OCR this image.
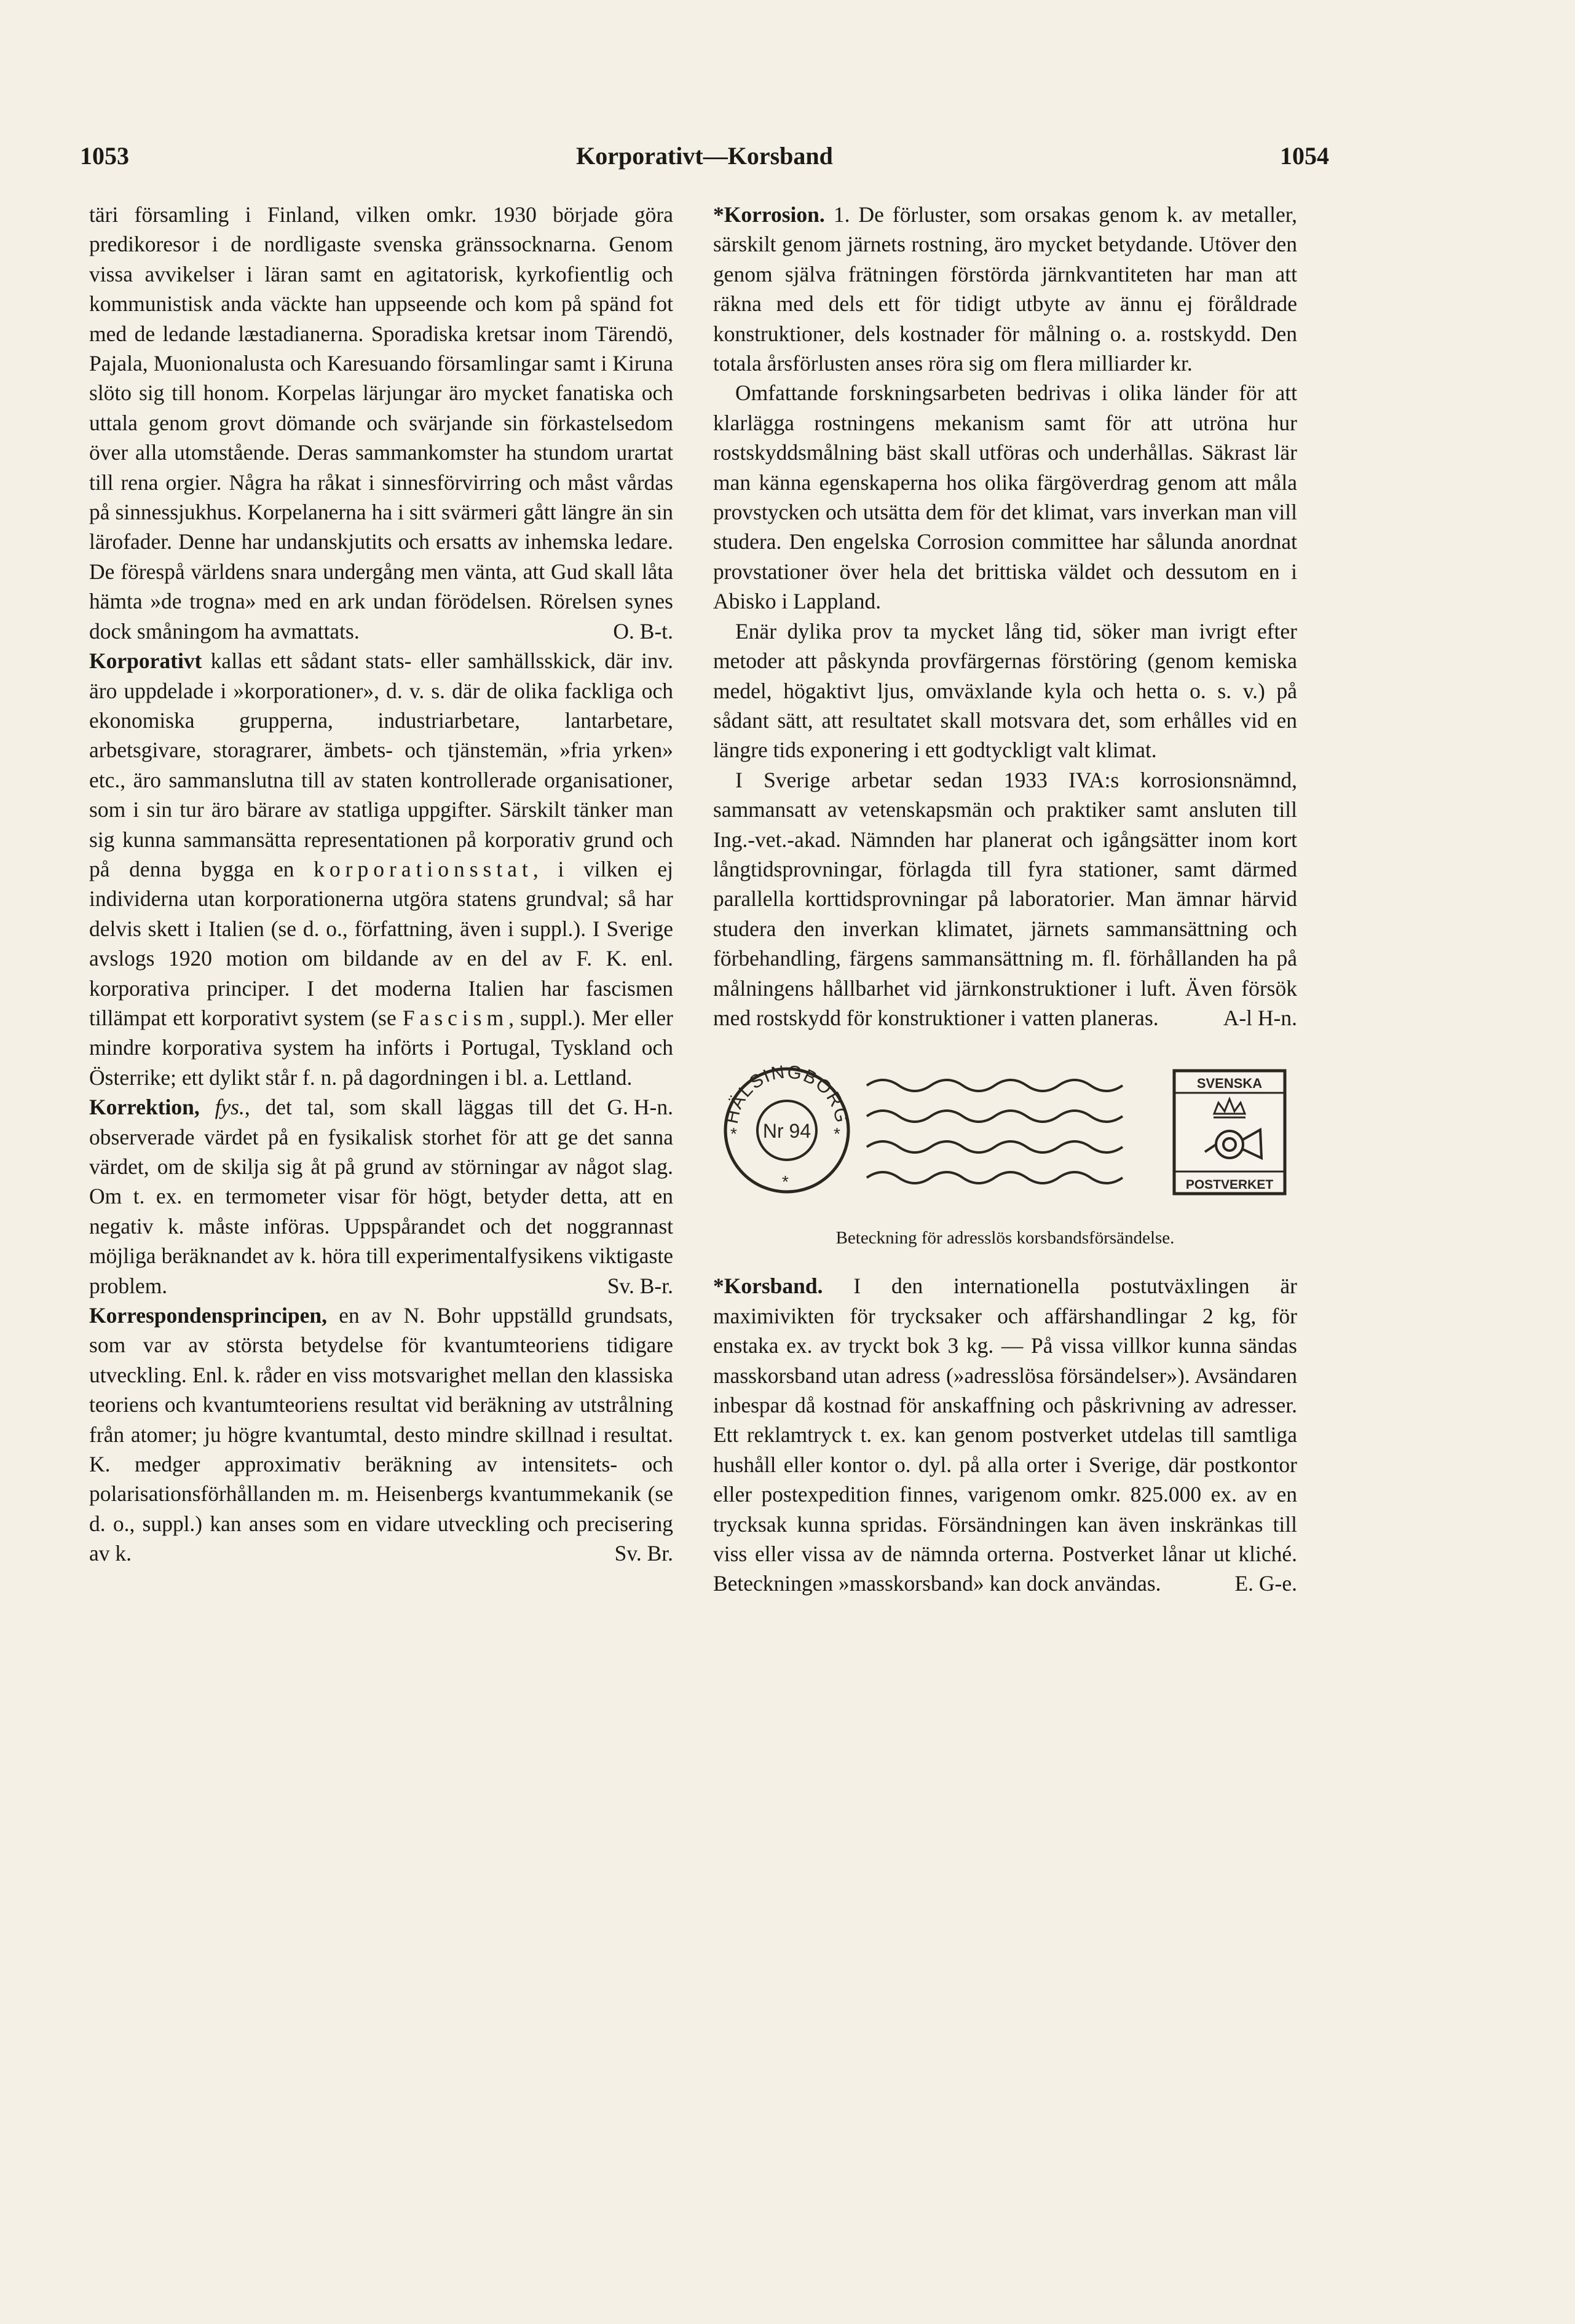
1053	Korporativt—Korsband	1054

täri församling i Finland, vilken omkr. 1930 började göra predikoresor i de nordligaste svenska gränssocknarna. Genom vissa avvikelser i läran samt en agitatorisk, kyrkofientlig och kommunistisk anda väckte han uppseende och kom på spänd fot med de ledande læstadianerna. Sporadiska kretsar inom Tärendö, Pajala, Muonionalusta och Karesuando församlingar samt i Kiruna slöto sig till honom. Korpelas lärjungar äro mycket fanatiska och uttala genom grovt dömande och svärjande sin förkastelsedom över alla utomstående. Deras sammankomster ha stundom urartat till rena orgier. Några ha råkat i sinnesförvirring och måst vårdas på sinnessjukhus. Korpelanerna ha i sitt svärmeri gått längre än sin lärofader. Denne har undanskjutits och ersatts av inhemska ledare. De förespå världens snara undergång men vänta, att Gud skall låta hämta »de trogna» med en ark undan förödelsen. Rörelsen synes dock småningom ha avmattats.	O. B-t.

Korporativt kallas ett sådant stats- eller samhällsskick, där inv. äro uppdelade i »korporationer», d. v. s. där de olika fackliga och ekonomiska grupperna, industriarbetare, lantarbetare, arbetsgivare, storagrarer, ämbets- och tjänstemän, »fria yrken» etc., äro sammanslutna till av staten kontrollerade organisationer, som i sin tur äro bärare av statliga uppgifter. Särskilt tänker man sig kunna sammansätta representationen på korporativ grund och på denna bygga en korporationsstat, i vilken ej individerna utan korporationerna utgöra statens grundval; så har delvis skett i Italien (se d. o., författning, även i suppl.). I Sverige avslogs 1920 motion om bildande av en del av F. K. enl. korporativa principer. I det moderna Italien har fascismen tillämpat ett korporativt system (se Fascism, suppl.). Mer eller mindre korporativa system ha införts i Portugal, Tyskland och Österrike; ett dylikt står f. n. på dagordningen i bl. a. Lettland.
G. H-n.

Korrektion, fys., det tal, som skall läggas till det observerade värdet på en fysikalisk storhet för att ge det sanna värdet, om de skilja sig åt på grund av störningar av något slag. Om t. ex. en termometer visar för högt, betyder detta, att en negativ k. måste införas. Uppspårandet och det noggrannast möjliga beräknandet av k. höra till experimentalfysikens viktigaste problem.	Sv. B-r.

Korrespondensprincipen, en av N. Bohr uppställd grundsats, som var av största betydelse för kvantumteoriens tidigare utveckling. Enl. k. råder en viss motsvarighet mellan den klassiska teoriens och kvantumteoriens resultat vid beräkning av utstrålning från atomer; ju högre kvantumtal, desto mindre skillnad i resultat. K. medger approximativ beräkning av intensitets- och polarisationsförhållanden m. m. Heisenbergs kvantummekanik (se d. o., suppl.) kan anses som en vidare utveckling och precisering av k.	Sv. Br.

*Korrosion. 1. De förluster, som orsakas genom k. av metaller, särskilt genom järnets rostning, äro mycket betydande. Utöver den genom själva frätningen förstörda järnkvantiteten har man att räkna med dels ett för tidigt utbyte av ännu ej föråldrade konstruktioner, dels kostnader för målning o. a. rostskydd. Den totala årsförlusten anses röra sig om flera milliarder kr.

Omfattande forskningsarbeten bedrivas i olika länder för att klarlägga rostningens mekanism samt för att utröna hur rostskyddsmålning bäst skall utföras och underhållas. Säkrast lär man känna egenskaperna hos olika färgöverdrag genom att måla provstycken och utsätta dem för det klimat, vars inverkan man vill studera. Den engelska Corrosion committee har sålunda anordnat provstationer över hela det brittiska väldet och dessutom en i Abisko i Lappland.

Enär dylika prov ta mycket lång tid, söker man ivrigt efter metoder att påskynda provfärgernas förstöring (genom kemiska medel, högaktivt ljus, omväxlande kyla och hetta o. s. v.) på sådant sätt, att resultatet skall motsvara det, som erhålles vid en längre tids exponering i ett godtyckligt valt klimat.

I Sverige arbetar sedan 1933 IVA:s korrosionsnämnd, sammansatt av vetenskapsmän och praktiker samt ansluten till Ing.-vet.-akad. Nämnden har planerat och igångsätter inom kort långtidsprovningar, förlagda till fyra stationer, samt därmed parallella korttidsprovningar på laboratorier. Man ämnar härvid studera den inverkan klimatet, järnets sammansättning och förbehandling, färgens sammansättning m. fl. förhållanden ha på målningens hållbarhet vid järnkonstruktioner i luft. Även försök med rostskydd för konstruktioner i vatten planeras.	A-l H-n.

HÄLSINGBORG
Nr 94
*	*
*
SVENSKA
POSTVERKET
Beteckning för adresslös korsbandsförsändelse.

*Korsband. I den internationella postutväxlingen är maximivikten för trycksaker och affärshandlingar 2 kg, för enstaka ex. av tryckt bok 3 kg. — På vissa villkor kunna sändas masskorsband utan adress (»adresslösa försändelser»). Avsändaren inbespar då kostnad för anskaffning och påskrivning av adresser. Ett reklamtryck t. ex. kan genom postverket utdelas till samtliga hushåll eller kontor o. dyl. på alla orter i Sverige, där postkontor eller postexpedition finnes, varigenom omkr. 825.000 ex. av en trycksak kunna spridas. Försändningen kan även inskränkas till viss eller vissa av de nämnda orterna. Postverket lånar ut kliché. Beteckningen »masskorsband» kan dock användas.	E. G-e.
